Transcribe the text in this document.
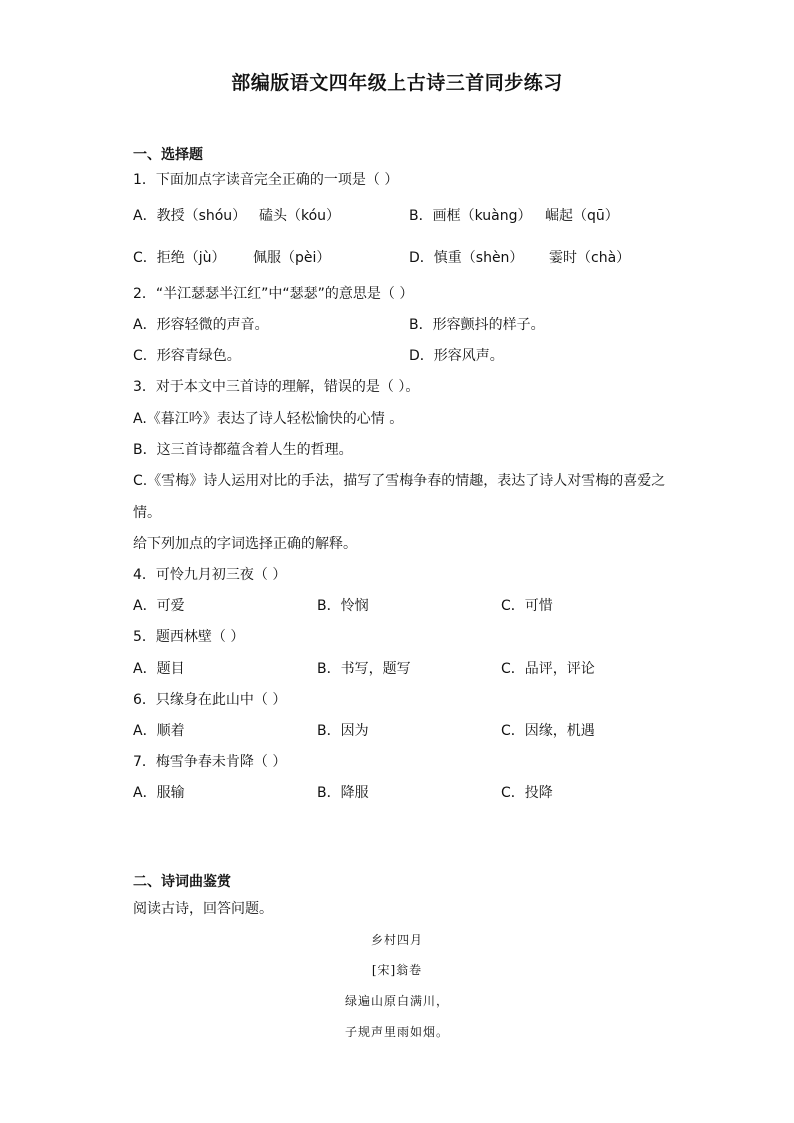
部编版语文四年级上古诗三首同步练习
一、选择题
1．下面加点字读音完全正确的一项是（ ）
A．教授（shóu） 磕头（kóu）	B．画框（kuàng） 崛起（qū）
C．拒绝（jù） 佩服（pèi）	D．慎重（shèn） 霎时（chà）
2．“半江瑟瑟半江红”中“瑟瑟”的意思是（ ）
A．形容轻微的声音。	B．形容颤抖的样子。
C．形容青绿色。	D．形容风声。
3．对于本文中三首诗的理解，错误的是（ ）。
A.《暮江吟》表达了诗人轻松愉快的心情 。
B．这三首诗都蕴含着人生的哲理。
C.《雪梅》诗人运用对比的手法，描写了雪梅争春的情趣，表达了诗人对雪梅的喜爱之
情。
给下列加点的字词选择正确的解释。
4．可怜九月初三夜（ ）
A．可爱	B．怜悯	C．可惜
5．题西林壁（ ）
A．题目	B．书写，题写	C．品评，评论
6．只缘身在此山中（ ）
A．顺着	B．因为	C．因缘，机遇
7．梅雪争春未肯降（ ）
A．服输	B．降服	C．投降
二、诗词曲鉴赏
阅读古诗，回答问题。
乡村四月
[宋]翁卷
绿遍山原白满川，
子规声里雨如烟。
